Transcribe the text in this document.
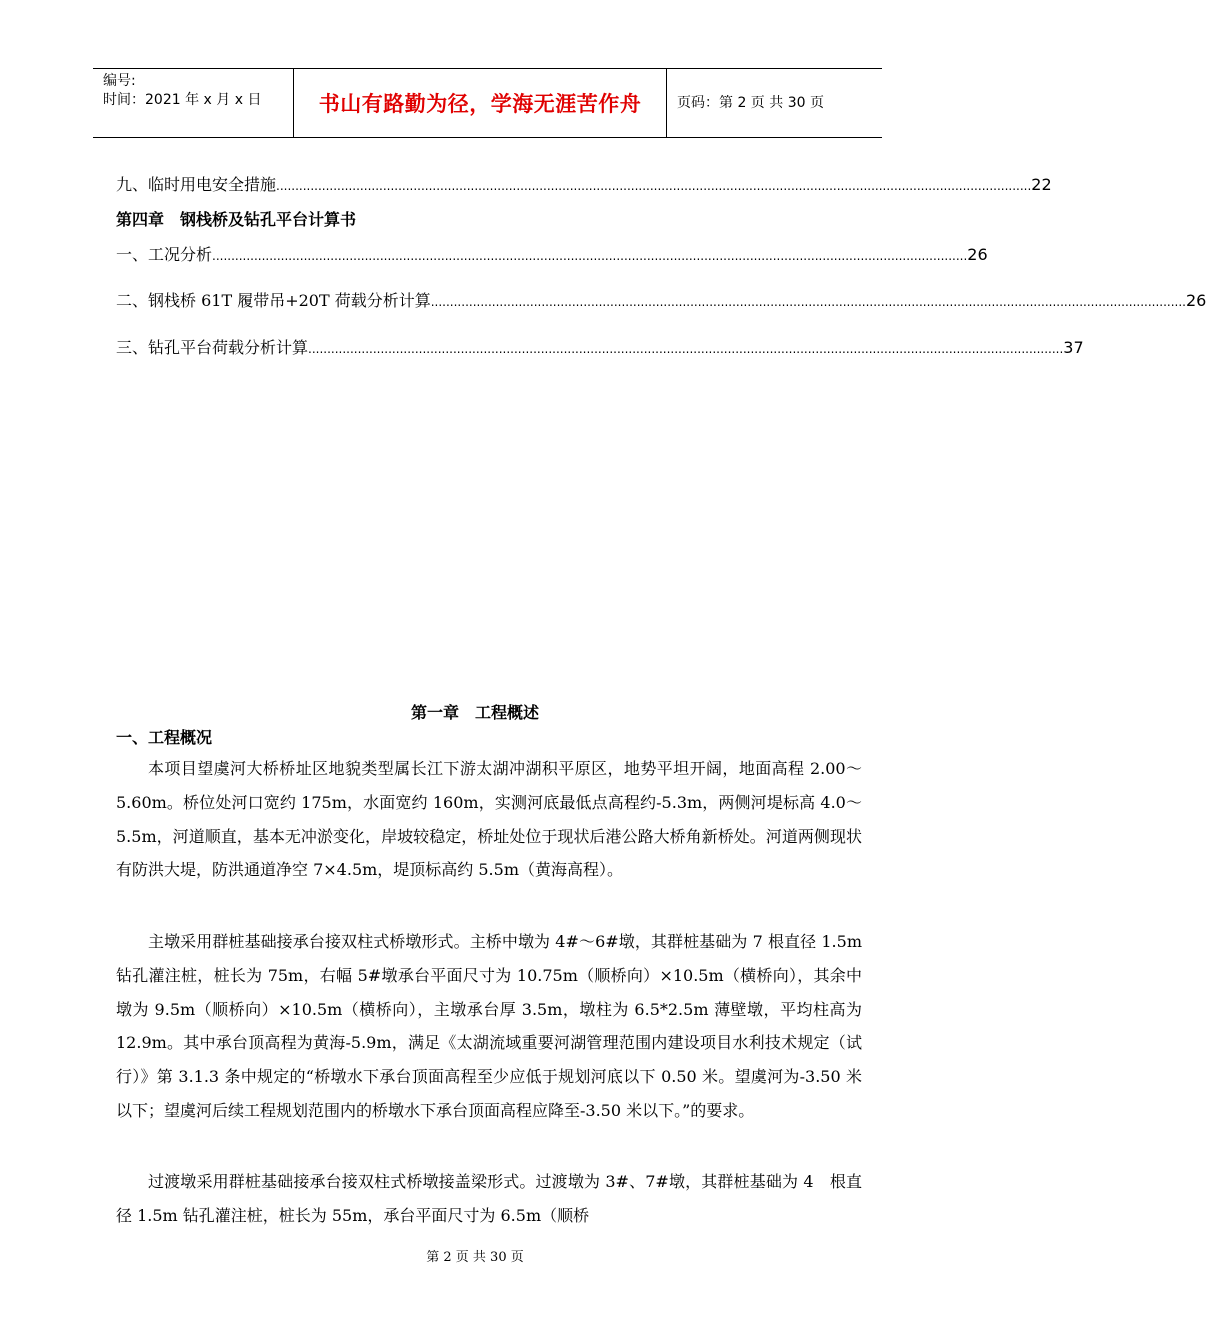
编号:
时间：2021 年 x 月 x 日	书山有路勤为径，学海无涯苦作舟	页码：第 2 页 共 30 页
九、临时用电安全措施 ...................................................................................................................................................................................................... 22
第四章　钢栈桥及钻孔平台计算书
一、工况分析 ...................................................................................................................................................................................................... 26
二、钢栈桥 61T 履带吊+20T 荷载分析计算 ...................................................................................................................................................................................................... 26
三、钻孔平台荷载分析计算 ...................................................................................................................................................................................................... 37
第一章　工程概述
一、工程概况
本项目望虞河大桥桥址区地貌类型属长江下游太湖冲湖积平原区，地势平坦开阔，地面高程 2.00～5.60m。桥位处河口宽约 175m，水面宽约 160m，实测河底最低点高程约-5.3m，两侧河堤标高 4.0～5.5m，河道顺直，基本无冲淤变化，岸坡较稳定，桥址处位于现状后港公路大桥角新桥处。河道两侧现状有防洪大堤，防洪通道净空 7×4.5m，堤顶标高约 5.5m（黄海高程）。
主墩采用群桩基础接承台接双柱式桥墩形式。主桥中墩为 4#～6#墩，其群桩基础为 7 根直径 1.5m 钻孔灌注桩，桩长为 75m，右幅 5#墩承台平面尺寸为 10.75m（顺桥向）×10.5m（横桥向），其余中墩为 9.5m（顺桥向）×10.5m（横桥向），主墩承台厚 3.5m，墩柱为 6.5*2.5m 薄壁墩，平均柱高为 12.9m。其中承台顶高程为黄海-5.9m，满足《太湖流域重要河湖管理范围内建设项目水利技术规定（试行）》第 3.1.3 条中规定的“桥墩水下承台顶面高程至少应低于规划河底以下 0.50 米。望虞河为-3.50 米以下；望虞河后续工程规划范围内的桥墩水下承台顶面高程应降至-3.50 米以下。”的要求。
过渡墩采用群桩基础接承台接双柱式桥墩接盖梁形式。过渡墩为 3#、7#墩，其群桩基础为 4　根直径 1.5m 钻孔灌注桩，桩长为 55m，承台平面尺寸为 6.5m（顺桥
第 2 页 共 30 页
